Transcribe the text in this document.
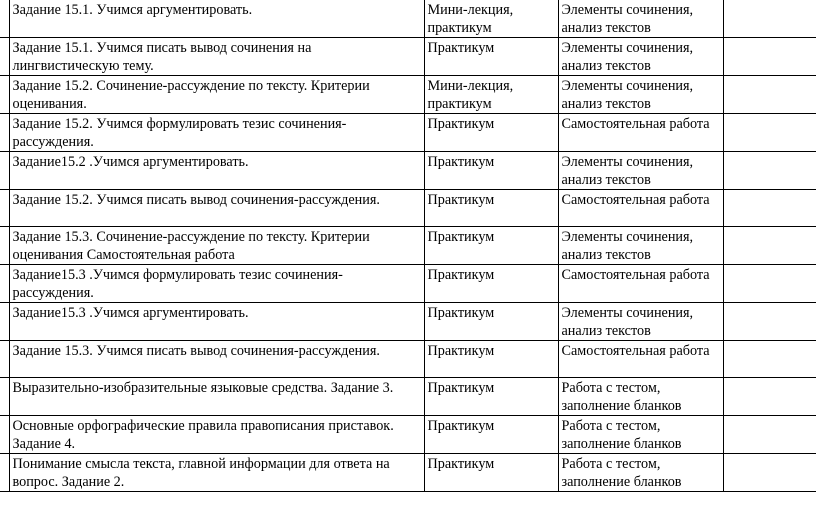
	Задание 15.1. Учимся аргументировать.	Мини-лекция, практикум	Элементы сочинения, анализ текстов	
	Задание 15.1. Учимся писать вывод сочинения на лингвистическую тему.	Практикум	Элементы сочинения, анализ текстов	
	Задание 15.2. Сочинение-рассуждение по тексту. Критерии оценивания.	Мини-лекция, практикум	Элементы сочинения, анализ текстов	
	Задание 15.2. Учимся формулировать тезис сочинения-рассуждения.	Практикум	Самостоятельная работа	
	Задание15.2 .Учимся аргументировать.	Практикум	Элементы сочинения, анализ текстов	
	Задание 15.2. Учимся писать вывод сочинения-рассуждения.	Практикум	Самостоятельная работа	
	Задание 15.3. Сочинение-рассуждение по тексту. Критерии оценивания Самостоятельная работа	Практикум	Элементы сочинения, анализ текстов	
	Задание15.3 .Учимся формулировать тезис сочинения-рассуждения.	Практикум	Самостоятельная работа	
	Задание15.3 .Учимся аргументировать.	Практикум	Элементы сочинения, анализ текстов	
	Задание 15.3. Учимся писать вывод сочинения-рассуждения.	Практикум	Самостоятельная работа	
	Выразительно-изобразительные языковые средства. Задание 3.	Практикум	Работа с тестом, заполнение бланков	
	Основные орфографические правила правописания приставок. Задание 4.	Практикум	Работа с тестом, заполнение бланков	
	Понимание смысла текста, главной информации для ответа на вопрос. Задание 2.	Практикум	Работа с тестом, заполнение бланков	
